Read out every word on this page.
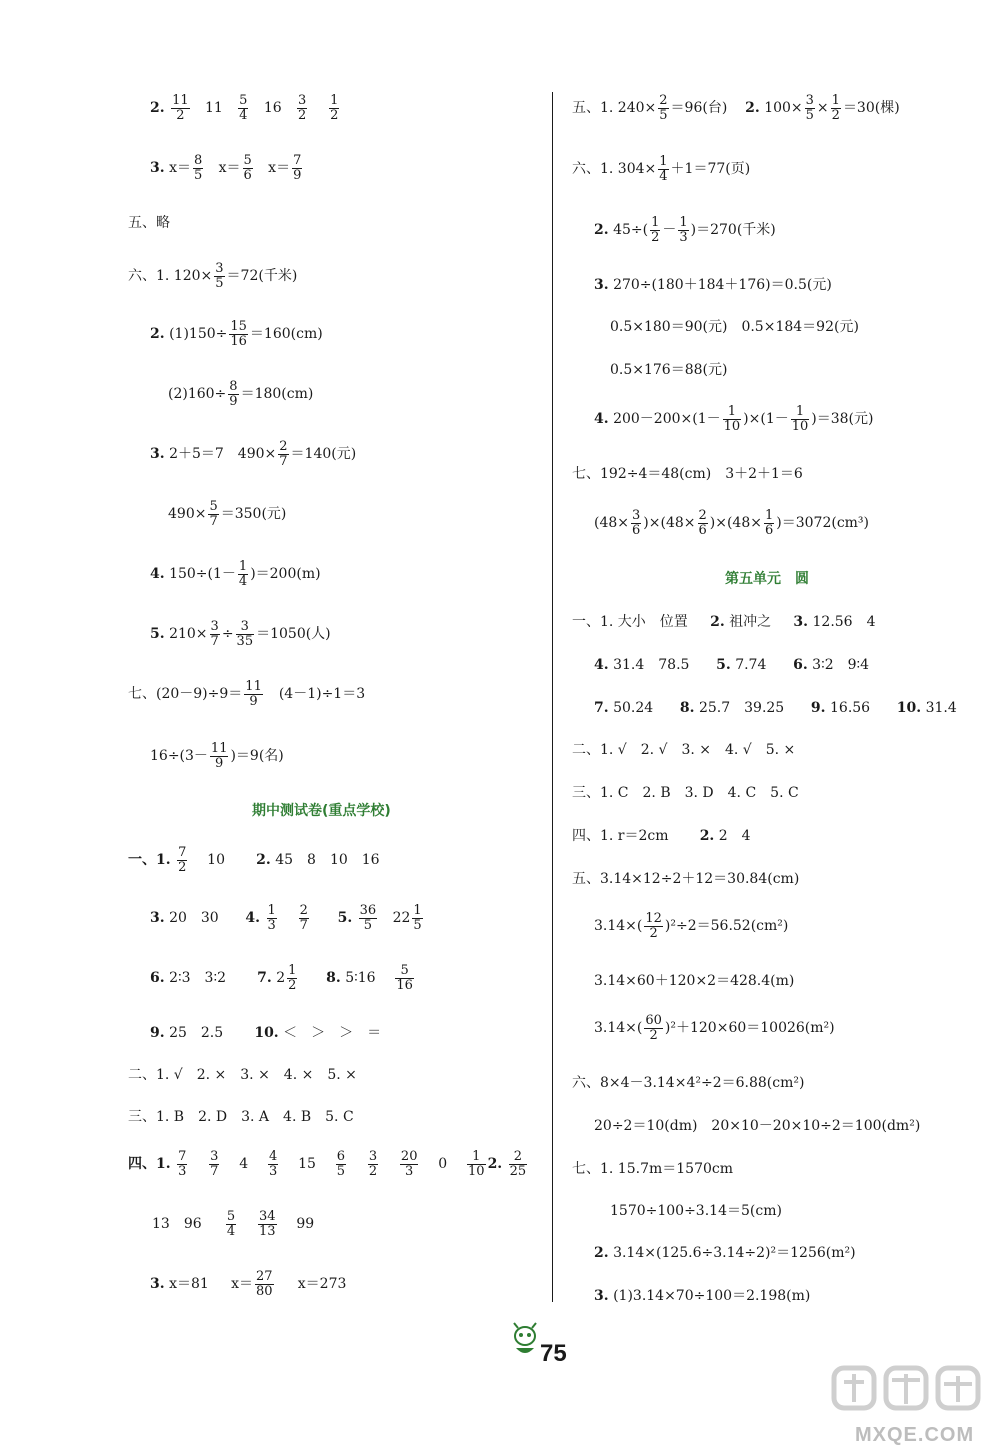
2. $\frac{11}{2} 11 \frac{5}{4} 16 \frac{3}{2}$
$\frac{1}{2}$
3. $x= \frac{8}{5} x= \frac{5}{6} x= \frac{7}{9}$
五、略
六、1. $120\times \frac{3}{5} =72$(千米)
2. $(1)150\div \frac{15}{16} =160(cm)$
$(2)160\div \frac{8}{9} =180(cm)$
3. 2＋5＝7　$490\times \frac{2}{7} =140$(元)
$490\times \frac{5}{7} =350$(元)
4. $150\div(1- \frac{1}{4} )=200(m)$
5. $210\times \frac{3}{7} \div \frac{3}{35} =1050$(人)
七、$(20-9)\div 9= \frac{11}{9}$ 　(4－1)÷1＝3
$16\div(3- \frac{11}{9} )=9$(名)
期中测试卷(重点学校)
一、1. $\frac{7}{2} 10$ 2. 45　8　10　16
3. 20　30 4. $\frac{1}{3}$
$\frac{2}{7} 5$. $\frac{36}{5} 22 \frac{1}{5}$
6. 2∶3　3∶2 7. $2 \frac{1}{2} 8$. 5∶16 $\frac{5}{16}$
9. 25　2.5 10. ＜　＞　＞　＝
二、1. √　2. ×　3. ×　4. ×　5. ×
三、1. B　2. D　3. A　4. B　5. C
四、1. $\frac{7}{3}$
$\frac{3}{7} 4 \frac{4}{3} 15 \frac{6}{5}$
$\frac{3}{2}$
$\frac{20}{3} 0 \frac{1}{10} 2$. $\frac{2}{25}$
13　$96 \frac{5}{4}$
$\frac{34}{13} 99$
3. x＝81 $x= \frac{27}{80} x=273$
五、1. $240\times \frac{2}{5} =96$(台) 2. $100\times \frac{3}{5} \times \frac{1}{2} =30$(棵)
六、1. $304\times \frac{1}{4} +1=77$(页)
2. $45\div( \frac{1}{2} - \frac{1}{3} )=270$(千米)
3. 270÷(180＋184＋176)＝0.5(元)
0.5×180＝90(元)　0.5×184＝92(元)
0.5×176＝88(元)
4. $200-200\times(1- \frac{1}{10} )\times(1- \frac{1}{10} )=38$(元)
七、192÷4＝48(cm)　3＋2＋1＝6
$(48\times \frac{3}{6} )\times(48\times \frac{2}{6} )\times(48\times \frac{1}{6} )=3072(cm^3)$
第五单元　圆
一、1. 大小　位置 2. 祖冲之 3. 12.56　4
4. 31.4　78.5 5. 7.74 6. 3∶2　9∶4
7. 50.24 8. 25.7　39.25 9. 16.56 10. 31.4
二、1. √　2. √　3. ×　4. √　5. ×
三、1. C　2. B　3. D　4. C　5. C
四、1. r＝2cm 2. 2　4
五、3.14×12÷2＋12＝30.84(cm)
$3.14\times( \frac{12}{2} )^2\div 2=56.52(cm^2)$
3.14×60＋120×2＝428.4(m)
$3.14\times( \frac{60}{2} )^2+120\times 60=10026(m^2)$
六、8×4－3.14×4²÷2＝6.88(cm²)
20÷2＝10(dm)　20×10－20×10÷2＝100(dm²)
七、1. 15.7m＝1570cm
1570÷100÷3.14＝5(cm)
2. 3.14×(125.6÷3.14÷2)²＝1256(m²)
3. (1)3.14×70÷100＝2.198(m)
75
MXQE.COM
